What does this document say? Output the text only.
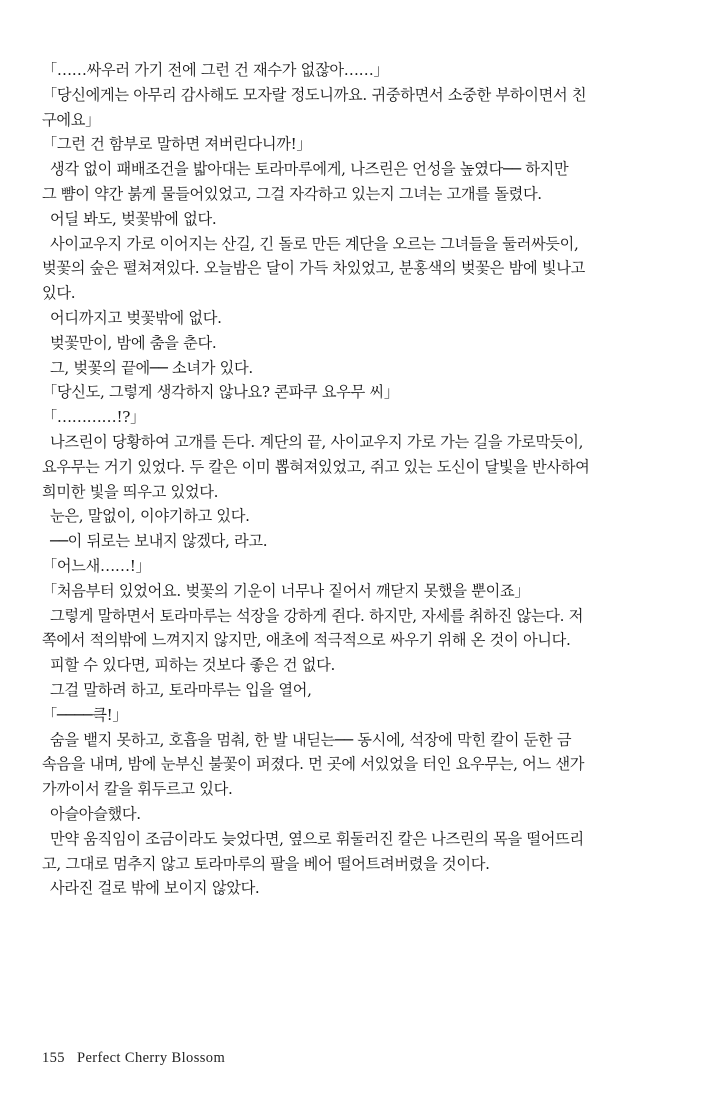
「……싸우러 가기 전에 그런 건 재수가 없잖아……」
「당신에게는 아무리 감사해도 모자랄 정도니까요. 귀중하면서 소중한 부하이면서 친
구에요」
「그런 건 함부로 말하면 져버린다니까!」
생각 없이 패배조건을 밟아대는 토라마루에게, 나즈린은 언성을 높였다── 하지만
그 뺨이 약간 붉게 물들어있었고, 그걸 자각하고 있는지 그녀는 고개를 돌렸다.
어딜 봐도, 벚꽃밖에 없다.
사이교우지 가로 이어지는 산길, 긴 돌로 만든 계단을 오르는 그녀들을 둘러싸듯이,
벚꽃의 숲은 펼쳐져있다. 오늘밤은 달이 가득 차있었고, 분홍색의 벚꽃은 밤에 빛나고
있다.
어디까지고 벚꽃밖에 없다.
벚꽃만이, 밤에 춤을 춘다.
그, 벚꽃의 끝에── 소녀가 있다.
「당신도, 그렇게 생각하지 않나요? 콘파쿠 요우무 씨」
「…………!?」
나즈린이 당황하여 고개를 든다. 계단의 끝, 사이교우지 가로 가는 길을 가로막듯이,
요우무는 거기 있었다. 두 칼은 이미 뽑혀져있었고, 쥐고 있는 도신이 달빛을 반사하여
희미한 빛을 띄우고 있었다.
눈은, 말없이, 이야기하고 있다.
──이 뒤로는 보내지 않겠다, 라고.
「어느새……!」
「처음부터 있었어요. 벚꽃의 기운이 너무나 짙어서 깨닫지 못했을 뿐이죠」
그렇게 말하면서 토라마루는 석장을 강하게 쥔다. 하지만, 자세를 취하진 않는다. 저
쪽에서 적의밖에 느껴지지 않지만, 애초에 적극적으로 싸우기 위해 온 것이 아니다.
피할 수 있다면, 피하는 것보다 좋은 건 없다.
그걸 말하려 하고, 토라마루는 입을 열어,
「────큭!」
숨을 뱉지 못하고, 호흡을 멈춰, 한 발 내딛는── 동시에, 석장에 막힌 칼이 둔한 금
속음을 내며, 밤에 눈부신 불꽃이 퍼졌다. 먼 곳에 서있었을 터인 요우무는, 어느 샌가
가까이서 칼을 휘두르고 있다.
아슬아슬했다.
만약 움직임이 조금이라도 늦었다면, 옆으로 휘둘러진 칼은 나즈린의 목을 떨어뜨리
고, 그대로 멈추지 않고 토라마루의 팔을 베어 떨어트려버렸을 것이다.
사라진 걸로 밖에 보이지 않았다.
155 Perfect Cherry Blossom
